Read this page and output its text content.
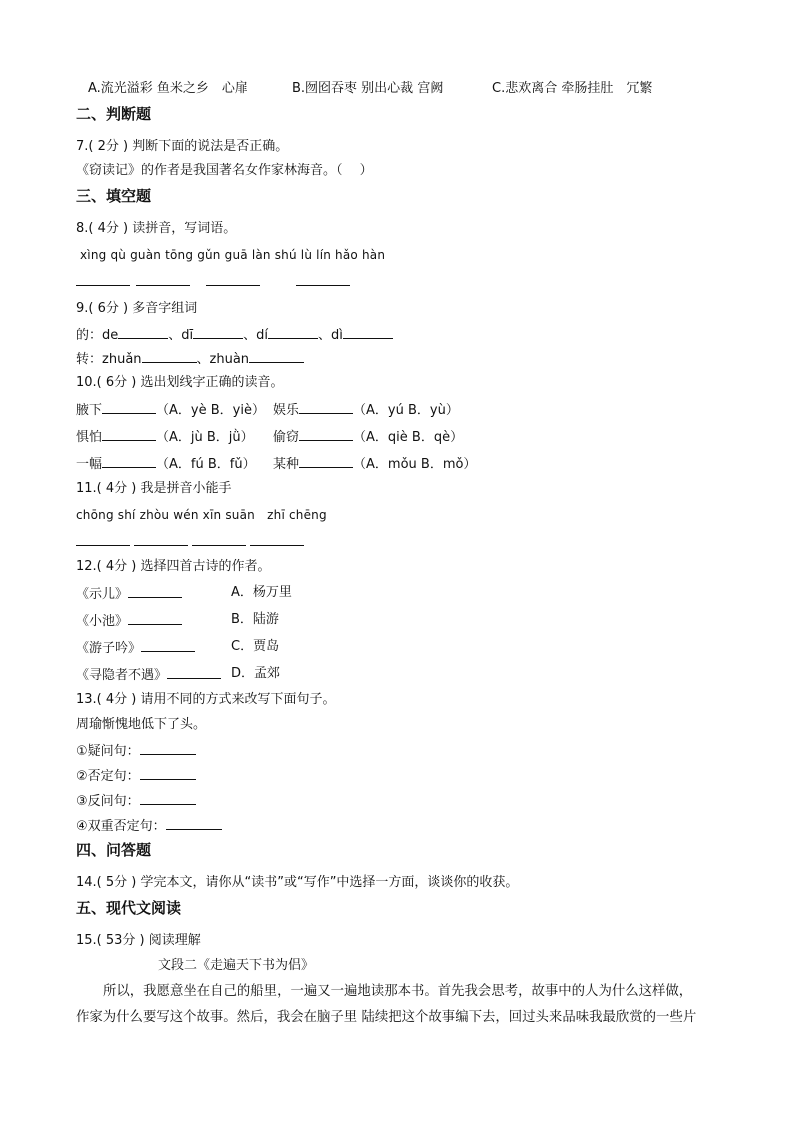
A.流光溢彩 鱼米之乡　心扉	B.囫囵吞枣 别出心裁 宫阙	C.悲欢离合 牵肠挂肚　冗繁
二、判断题
7.( 2分 ) 判断下面的说法是否正确。
《窃读记》的作者是我国著名女作家林海音。（　 ）
三、填空题
8.( 4分 ) 读拼音，写词语。
xìng qù guàn tōng gǔn guā làn shú lù lín hǎo hàn
9.( 6分 ) 多音字组词
的：de	、dī	、dí	、dì
转：zhuǎn	、zhuàn
10.( 6分 ) 选出划线字正确的读音。
腋下	（A．yè B．yiè） 娱乐	（A．yú B．yù）
惧怕	（A．jù B．jǜ） 偷窃	（A．qiè B．qè）
一幅	（A．fú B．fǔ） 某种	（A．mǒu B．mǒ）
11.( 4分 ) 我是拼音小能手
chōng shí zhòu wén xīn suān　zhī chēng
12.( 4分 ) 选择四首古诗的作者。
《示儿》	A．杨万里
《小池》	B．陆游
《游子吟》	C．贾岛
《寻隐者不遇》	D．孟郊
13.( 4分 ) 请用不同的方式来改写下面句子。
周瑜惭愧地低下了头。
①疑问句：
②否定句：
③反问句：
④双重否定句：
四、问答题
14.( 5分 ) 学完本文，请你从“读书”或“写作”中选择一方面，谈谈你的收获。
五、现代文阅读
15.( 53分 ) 阅读理解
文段二《走遍天下书为侣》
所以，我愿意坐在自己的船里，一遍又一遍地读那本书。首先我会思考，故事中的人为什么这样做，
作家为什么要写这个故事。然后，我会在脑子里 陆续把这个故事编下去，回过头来品味我最欣赏的一些片
